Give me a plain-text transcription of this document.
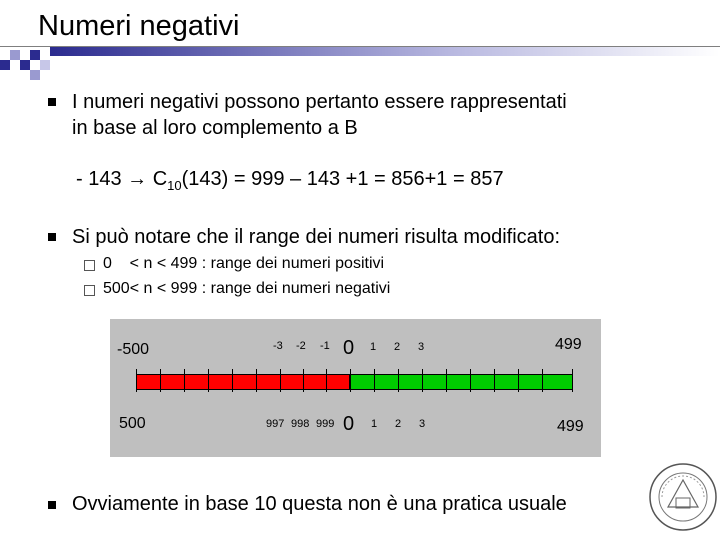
Numeri negativi
I numeri negativi possono pertanto essere rappresentati
in base al loro complemento a B
- $143 \to C_{10}(143) = 999 - 143 +1 = 856+1 = 857$
Si può notare che il range dei numeri risulta modificato:
0    < n < 499 : range dei numeri positivi
500< n < 999 : range dei numeri negativi
-500	-3 -2 -1 0 1 2 3	499
500	997 998 999 0 1 2 3	499
Ovviamente in base 10 questa non è una pratica usuale
